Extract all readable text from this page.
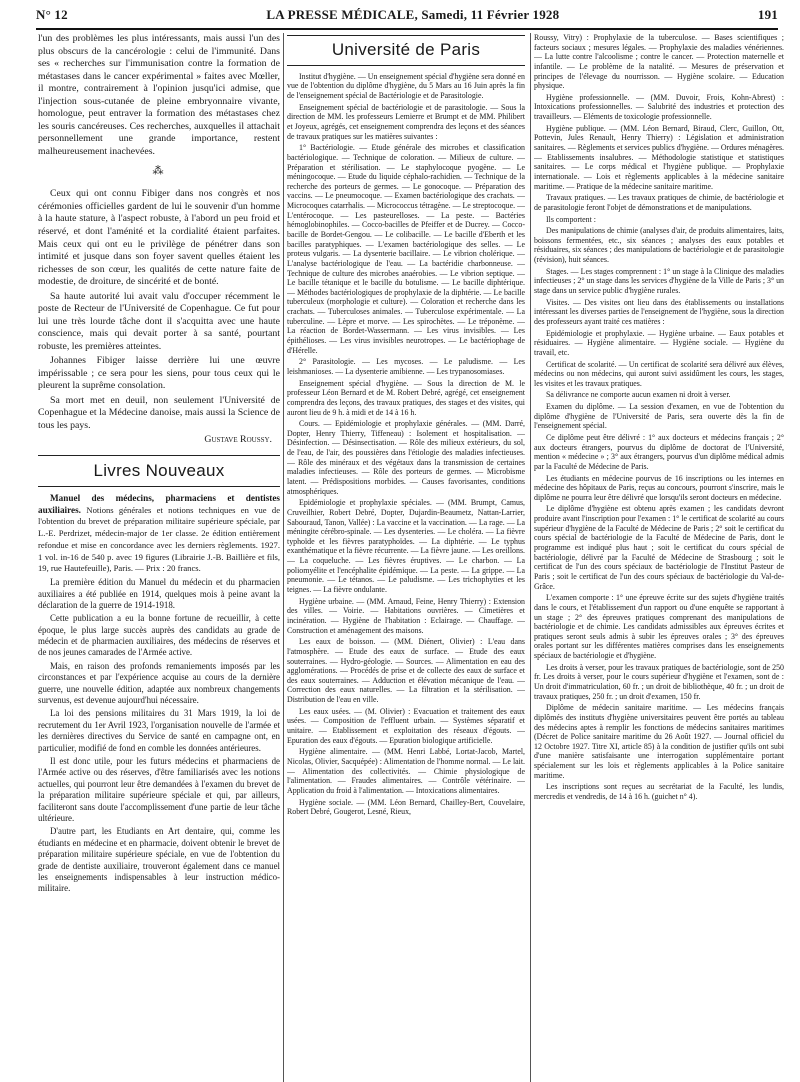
N° 12	LA PRESSE MÉDICALE, Samedi, 11 Février 1928	191

l'un des problèmes les plus intéressants, mais aussi l'un des plus obscurs de la cancérologie : celui de l'immunité. Dans ses « recherches sur l'immunisation contre la formation de métastases dans le cancer expérimental » faites avec Mœller, il montre, contrairement à l'opinion jusqu'ici admise, que l'injection sous-cutanée de pleine embryonnaire vivante, homologue, peut entraver la formation des métastases chez les souris cancéreuses. Ces recherches, auxquelles il attachait personnellement une grande importance, restent malheureusement inachevées.

⁂

Ceux qui ont connu Fibiger dans nos congrès et nos cérémonies officielles gardent de lui le souvenir d'un homme à la haute stature, à l'aspect robuste, à l'abord un peu froid et réservé, et dont l'aménité et la cordialité étaient parfaites. Mais ceux qui ont eu le privilège de pénétrer dans son intimité et jusque dans son foyer savent quelles étaient les richesses de son cœur, les qualités de cette nature faite de modestie, de droiture, de sincérité et de bonté.

Sa haute autorité lui avait valu d'occuper récemment le poste de Recteur de l'Université de Copenhague. Ce fut pour lui une très lourde tâche dont il s'acquitta avec une haute conscience, mais qui devait porter à sa santé, pourtant robuste, les premières atteintes.

Johannes Fibiger laisse derrière lui une œuvre impérissable ; ce sera pour les siens, pour tous ceux qui le pleurent la suprême consolation.

Sa mort met en deuil, non seulement l'Université de Copenhague et la Médecine danoise, mais aussi la Science de tous les pays.

Gustave Roussy.
Livres Nouveaux

Manuel des médecins, pharmaciens et dentistes auxiliaires. Notions générales et notions techniques en vue de l'obtention du brevet de préparation militaire supérieure spéciale, par L.-E. Perdrizet, médecin-major de 1er classe. 2e édition entièrement refondue et mise en concordance avec les derniers règlements. 1927. 1 vol. in-16 de 540 p. avec 19 figures (Librairie J.-B. Baillière et fils, 19, rue Hautefeuille), Paris. — Prix : 20 francs.

La première édition du Manuel du médecin et du pharmacien auxiliaires a été publiée en 1914, quelques mois à peine avant la déclaration de la guerre de 1914-1918.

Cette publication a eu la bonne fortune de recueillir, à cette époque, le plus large succès auprès des candidats au grade de médecin et de pharmacien auxiliaires, des médecins de réserves et de nos jeunes camarades de l'Armée active.

Mais, en raison des profonds remaniements imposés par les circonstances et par l'expérience acquise au cours de la dernière guerre, une nouvelle édition, adaptée aux nombreux changements survenus, est devenue aujourd'hui nécessaire.

La loi des pensions militaires du 31 Mars 1919, la loi de recrutement du 1er Avril 1923, l'organisation nouvelle de l'armée et les dernières directives du Service de santé en campagne ont, en particulier, modifié de fond en comble les données antérieures.

Il est donc utile, pour les futurs médecins et pharmaciens de l'Armée active ou des réserves, d'être familiarisés avec les notions actuelles, qui pourront leur être demandées à l'examen du brevet de la préparation militaire supérieure spéciale et qui, par ailleurs, faciliteront sans doute l'accomplissement d'une partie de leur tâche ultérieure.

D'autre part, les Etudiants en Art dentaire, qui, comme les étudiants en médecine et en pharmacie, doivent obtenir le brevet de préparation militaire supérieure spéciale, en vue de l'obtention du grade de dentiste auxiliaire, trouveront également dans ce manuel les enseignements indispensables à leur instruction médico-militaire.

Université de Paris

Institut d'hygiène. — Un enseignement spécial d'hygiène sera donné en vue de l'obtention du diplôme d'hygiène, du 5 Mars au 16 Juin après la fin de l'enseignement spécial de Bactériologie et de Parasitologie.

Enseignement spécial de bactériologie et de parasitologie. — Sous la direction de MM. les professeurs Lemierre et Brumpt et de MM. Philibert et Joyeux, agrégés, cet enseignement comprendra des leçons et des séances de travaux pratiques sur les matières suivantes :

1° Bactériologie. — Etude générale des microbes et classification bactériologique. — Technique de coloration. — Milieux de culture. — Préparation et stérilisation. — Le staphylocoque pyogène. — Le méningocoque. — Etude du liquide céphalo-rachidien. — Technique de la recherche des porteurs de germes. — Le gonocoque. — Préparation des vaccins. — Le pneumocoque. — Examen bactériologique des crachats. — Microcoques catarrhalis. — Micrococcus tétragène. — Le streptocoque. — L'entérocoque. — Les pasteurelloses. — La peste. — Bactéries hémoglobinophiles. — Cocco-bacilles de Pfeiffer et de Ducrey. — Cocco-bacille de Bordet-Gengou. — Le colibacille. — Le bacille d'Eberth et les bacilles paratyphiques. — L'examen bactériologique des selles. — Le proteus vulgaris. — La dysenterie bacillaire. — Le vibrion cholérique. — L'analyse bactériologique de l'eau. — La bactéridie charbonneuse. — Technique de culture des microbes anaérobies. — Le vibrion septique. — Le bacille tétanique et le bacille du botulisme. — Le bacille diphtérique. — Méthodes bactériologiques de prophylaxie de la diphtérie. — Le bacille tuberculeux (morphologie et culture). — Coloration et recherche dans les crachats. — Tuberculoses animales. — Tuberculose expérimentale. — La tuberculine. — Lèpre et morve. — Les spirochètes. — Le tréponème. — La réaction de Bordet-Wassermann. — Les virus invisibles. — Les épithélioses. — Les virus invisibles neurotropes. — Le bactériophage de d'Hérelle.

2° Parasitologie. — Les mycoses. — Le paludisme. — Les leishmanioses. — La dysenterie amibienne. — Les trypanosomiases.

Enseignement spécial d'hygiène. — Sous la direction de M. le professeur Léon Bernard et de M. Robert Debré, agrégé, cet enseignement comprendra des leçons, des travaux pratiques, des stages et des visites, qui auront lieu de 9 h. à midi et de 14 à 16 h.

Cours. — Epidémiologie et prophylaxie générales. — (MM. Darré, Dopter, Henry Thierry, Tiffeneau) : Isolement et hospitalisation. — Désinfection. — Désinsectisation. — Rôle des milieux extérieurs, du sol, de l'eau, de l'air, des poussières dans l'étiologie des maladies infectieuses. — Rôle des minéraux et des végétaux dans la transmission de certaines maladies infectieuses. — Rôle des porteurs de germes. — Microbisme latent. — Prédispositions morbides. — Causes favorisantes, conditions atmosphériques.

Epidémiologie et prophylaxie spéciales. — (MM. Brumpt, Camus, Cruveilhier, Robert Debré, Dopter, Dujardin-Beaumetz, Nattan-Larrier, Sabouraud, Tanon, Vallée) : La vaccine et la vaccination. — La rage. — La méningite cérébro-spinale. — Les dysenteries. — Le choléra. — La fièvre typhoïde et les fièvres paratyphoïdes. — La diphtérie. — Le typhus exanthématique et la fièvre récurrente. — La fièvre jaune. — Les oreillons. — La coqueluche. — Les fièvres éruptives. — Le charbon. — La poliomyélite et l'encéphalite épidémique. — La peste. — La grippe. — La pneumonie. — Le tétanos. — Le paludisme. — Les trichophyties et les teignes. — La fièvre ondulante.

Hygiène urbaine. — (MM. Arnaud, Feine, Henry Thierry) : Extension des villes. — Voirie. — Habitations ouvrières. — Cimetières et incinération. — Hygiène de l'habitation : Eclairage. — Chauffage. — Construction et aménagement des maisons.

Les eaux de boisson. — (MM. Diénert, Olivier) : L'eau dans l'atmosphère. — Etude des eaux de surface. — Etude des eaux souterraines. — Hydro-géologie. — Sources. — Alimentation en eau des agglomérations. — Procédés de prise et de collecte des eaux de surface et des eaux souterraines. — Adduction et élévation mécanique de l'eau. — Correction des eaux naturelles. — La filtration et la stérilisation. — Distribution de l'eau en ville.

Les eaux usées. — (M. Olivier) : Evacuation et traitement des eaux usées. — Composition de l'effluent urbain. — Systèmes séparatif et unitaire. — Etablissement et exploitation des réseaux d'égouts. — Epuration des eaux d'égouts. — Epuration biologique artificielle.

Hygiène alimentaire. — (MM. Henri Labbé, Lortat-Jacob, Martel, Nicolas, Olivier, Sacquépée) : Alimentation de l'homme normal. — Le lait. — Alimentation des collectivités. — Chimie physiologique de l'alimentation. — Fraudes alimentaires. — Contrôle vétérinaire. — Application du froid à l'alimentation. — Intoxications alimentaires.

Hygiène sociale. — (MM. Léon Bernard, Chailley-Bert, Couvelaire, Robert Debré, Gougerot, Lesné, Rieux,

Roussy, Vitry) : Prophylaxie de la tuberculose. — Bases scientifiques ; facteurs sociaux ; mesures légales. — Prophylaxie des maladies vénériennes. — La lutte contre l'alcoolisme ; contre le cancer. — Protection maternelle et infantile. — Le problème de la natalité. — Mesures de préservation et principes de l'élevage du nourrisson. — Hygiène scolaire. — Education physique.

Hygiène professionnelle. — (MM. Duvoir, Frois, Kohn-Abrest) : Intoxications professionnelles. — Salubrité des industries et protection des travailleurs. — Eléments de toxicologie professionnelle.

Hygiène publique. — (MM. Léon Bernard, Biraud, Clerc, Guillon, Ott, Pottevin, Jules Renault, Henry Thierry) : Législation et administration sanitaires. — Règlements et services publics d'hygiène. — Ordures ménagères. — Etablissements insalubres. — Méthodologie statistique et statistiques sanitaires. — Le corps médical et l'hygiène publique. — Prophylaxie internationale. — Lois et règlements applicables à la médecine sanitaire maritime. — Pratique de la médecine sanitaire maritime.

Travaux pratiques. — Les travaux pratiques de chimie, de bactériologie et de parasitologie feront l'objet de démonstrations et de manipulations.

Ils comportent :

Des manipulations de chimie (analyses d'air, de produits alimentaires, laits, boissons fermentées, etc., six séances ; analyses des eaux potables et résiduaires, six séances ; des manipulations de bactériologie et de parasitologie (révision), huit séances.

Stages. — Les stages comprennent : 1° un stage à la Clinique des maladies infectieuses ; 2° un stage dans les services d'hygiène de la Ville de Paris ; 3° un stage dans un service public d'hygiène rurales.

Visites. — Des visites ont lieu dans des établissements ou installations intéressant les diverses parties de l'enseignement de l'hygiène, sous la direction des professeurs ayant traité ces matières :

Epidémiologie et prophylaxie. — Hygiène urbaine. — Eaux potables et résiduaires. — Hygiène alimentaire. — Hygiène sociale. — Hygiène du travail, etc.

Certificat de scolarité. — Un certificat de scolarité sera délivré aux élèves, médecins ou non médecins, qui auront suivi assidûment les cours, les stages, les visites et les travaux pratiques.

Sa délivrance ne comporte aucun examen ni droit à verser.

Examen du diplôme. — La session d'examen, en vue de l'obtention du diplôme d'hygiène de l'Université de Paris, sera ouverte dès la fin de l'enseignement spécial.

Ce diplôme peut être délivré : 1° aux docteurs et médecins français ; 2° aux docteurs étrangers, pourvus du diplôme de doctorat de l'Université, mention « médecine » ; 3° aux étrangers, pourvus d'un diplôme médical admis par la Faculté de Médecine de Paris.

Les étudiants en médecine pourvus de 16 inscriptions ou les internes en médecine des hôpitaux de Paris, reçus au concours, pourront s'inscrire, mais le diplôme ne pourra leur être délivré que lorsqu'ils seront docteurs en médecine.

Le diplôme d'hygiène est obtenu après examen ; les candidats devront produire avant l'inscription pour l'examen : 1° le certificat de scolarité au cours supérieur d'hygiène de la Faculté de Médecine de Paris ; 2° soit le certificat du cours spécial de bactériologie de la Faculté de Médecine de Paris, dont le programme est indiqué plus haut ; soit le certificat du cours spécial de bactériologie, délivré par la Faculté de Médecine de Strasbourg ; soit le certificat de l'un des cours spéciaux de bactériologie de l'Institut Pasteur de Paris ; soit le certificat de l'un des cours spéciaux de bactériologie du Val-de-Grâce.

L'examen comporte : 1° une épreuve écrite sur des sujets d'hygiène traités dans le cours, et l'établissement d'un rapport ou d'une enquête se rapportant à un stage ; 2° des épreuves pratiques comprenant des manipulations de bactériologie et de chimie. Les candidats admissibles aux épreuves écrites et pratiques seront seuls admis à subir les épreuves orales ; 3° des épreuves orales portant sur les différentes matières comprises dans les enseignements spéciaux de bactériologie et d'hygiène.

Les droits à verser, pour les travaux pratiques de bactériologie, sont de 250 fr. Les droits à verser, pour le cours supérieur d'hygiène et l'examen, sont de : Un droit d'immatriculation, 60 fr. ; un droit de bibliothèque, 40 fr. ; un droit de travaux pratiques, 250 fr. ; un droit d'examen, 150 fr.

Diplôme de médecin sanitaire maritime. — Les médecins français diplômés des instituts d'hygiène universitaires peuvent être portés au tableau des médecins aptes à remplir les fonctions de médecins sanitaires maritimes (Décret de Police sanitaire maritime du 26 Août 1927. — Journal officiel du 12 Octobre 1927. Titre XI, article 85) à la condition de justifier qu'ils ont subi d'une manière satisfaisante une interrogation supplémentaire portant spécialement sur les lois et règlements applicables à la Police sanitaire maritime.

Les inscriptions sont reçues au secrétariat de la Faculté, les lundis, mercredis et vendredis, de 14 à 16 h. (guichet n° 4).
